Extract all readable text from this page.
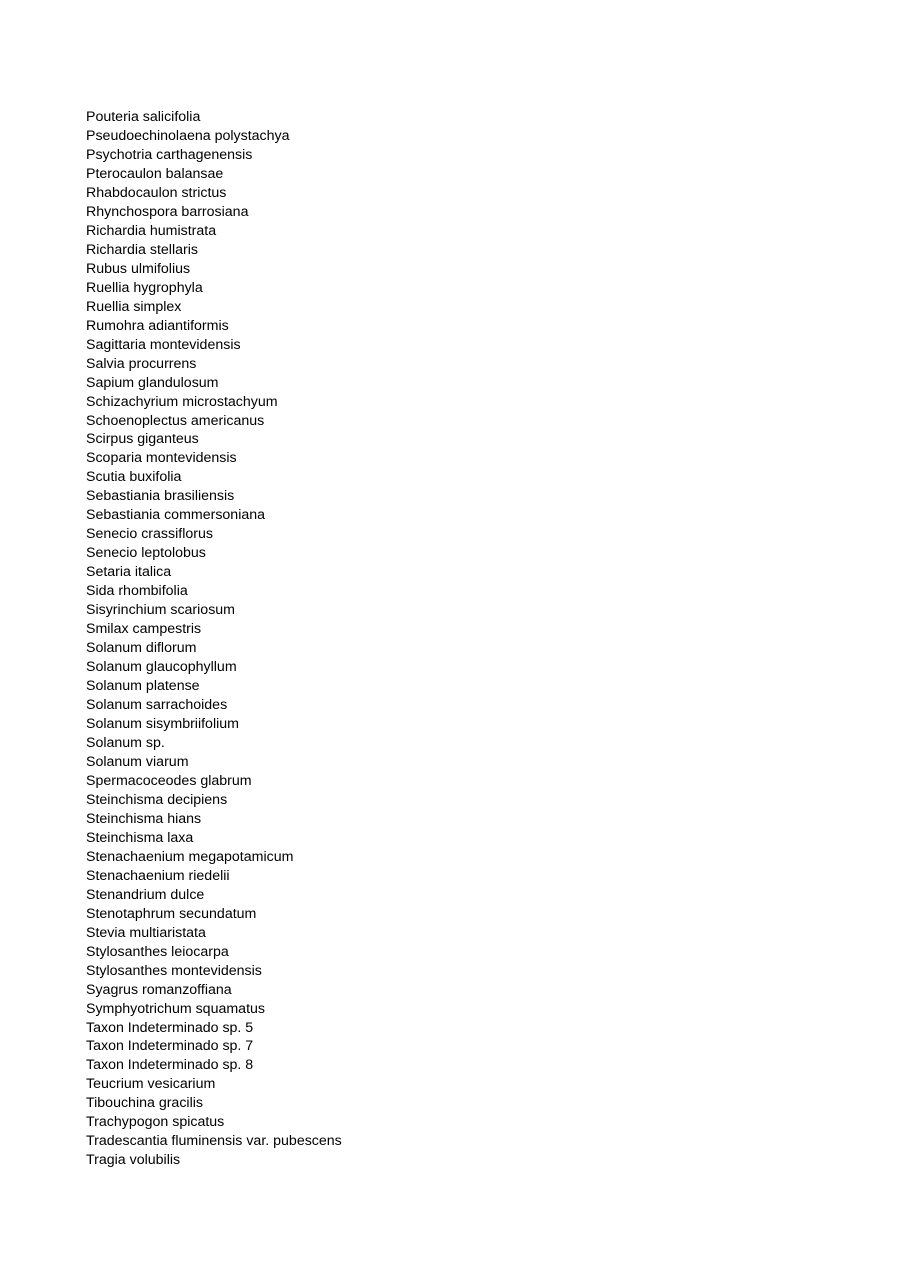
Pouteria salicifolia
Pseudoechinolaena polystachya
Psychotria carthagenensis
Pterocaulon balansae
Rhabdocaulon strictus
Rhynchospora barrosiana
Richardia humistrata
Richardia stellaris
Rubus ulmifolius
Ruellia hygrophyla
Ruellia simplex
Rumohra adiantiformis
Sagittaria montevidensis
Salvia procurrens
Sapium glandulosum
Schizachyrium microstachyum
Schoenoplectus americanus
Scirpus giganteus
Scoparia montevidensis
Scutia buxifolia
Sebastiania brasiliensis
Sebastiania commersoniana
Senecio crassiflorus
Senecio leptolobus
Setaria italica
Sida rhombifolia
Sisyrinchium scariosum
Smilax campestris
Solanum diflorum
Solanum glaucophyllum
Solanum platense
Solanum sarrachoides
Solanum sisymbriifolium
Solanum sp.
Solanum viarum
Spermacoceodes glabrum
Steinchisma decipiens
Steinchisma hians
Steinchisma laxa
Stenachaenium megapotamicum
Stenachaenium riedelii
Stenandrium dulce
Stenotaphrum secundatum
Stevia multiaristata
Stylosanthes leiocarpa
Stylosanthes montevidensis
Syagrus romanzoffiana
Symphyotrichum squamatus
Taxon Indeterminado sp. 5
Taxon Indeterminado sp. 7
Taxon Indeterminado sp. 8
Teucrium vesicarium
Tibouchina gracilis
Trachypogon spicatus
Tradescantia fluminensis var. pubescens
Tragia volubilis
